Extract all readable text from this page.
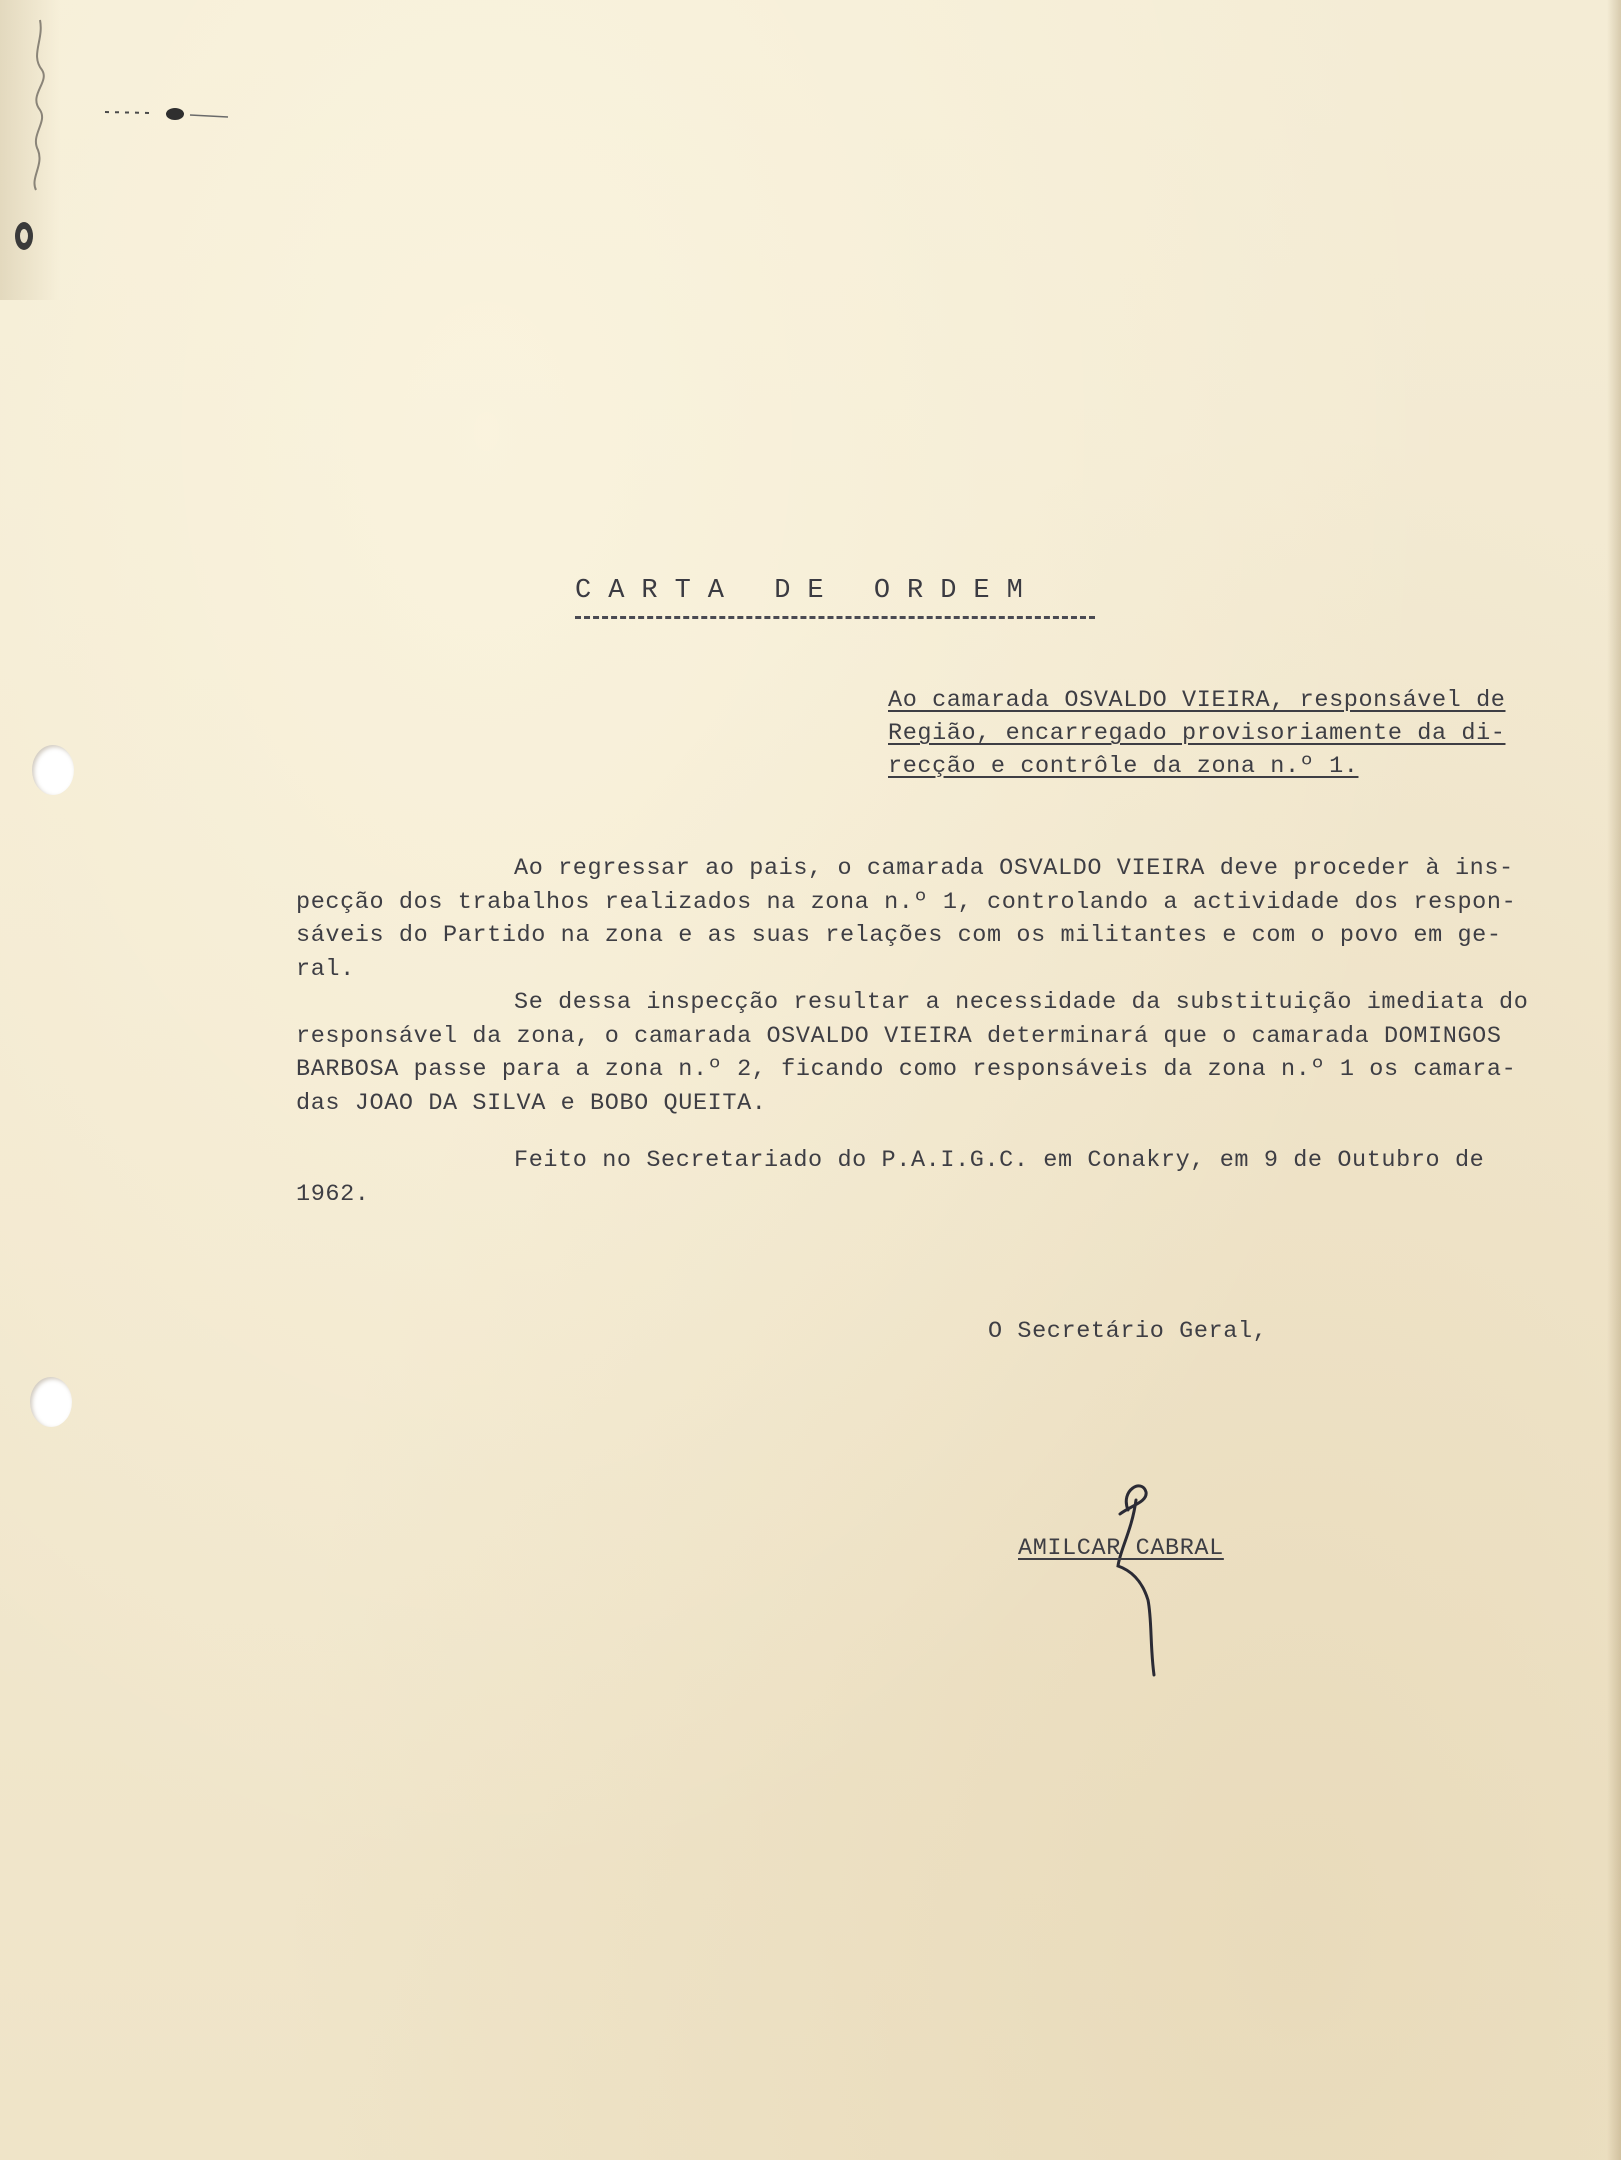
CARTA DE ORDEM
Ao camarada OSVALDO VIEIRA, responsável de
Região, encarregado provisoriamente da di-
recção e contrôle da zona n.º 1.
Ao regressar ao pais, o camarada OSVALDO VIEIRA deve proceder à ins-
pecção dos trabalhos realizados na zona n.º 1, controlando a actividade dos respon-
sáveis do Partido na zona e as suas relações com os militantes e com o povo em ge-
ral.
Se dessa inspecção resultar a necessidade da substituição imediata do
responsável da zona, o camarada OSVALDO VIEIRA determinará que o camarada DOMINGOS
BARBOSA passe para a zona n.º 2, ficando como responsáveis da zona n.º 1 os camara-
das JOAO DA SILVA e BOBO QUEITA.
Feito no Secretariado do P.A.I.G.C. em Conakry, em 9 de Outubro de
1962.
O Secretário Geral,
AMILCAR CABRAL
